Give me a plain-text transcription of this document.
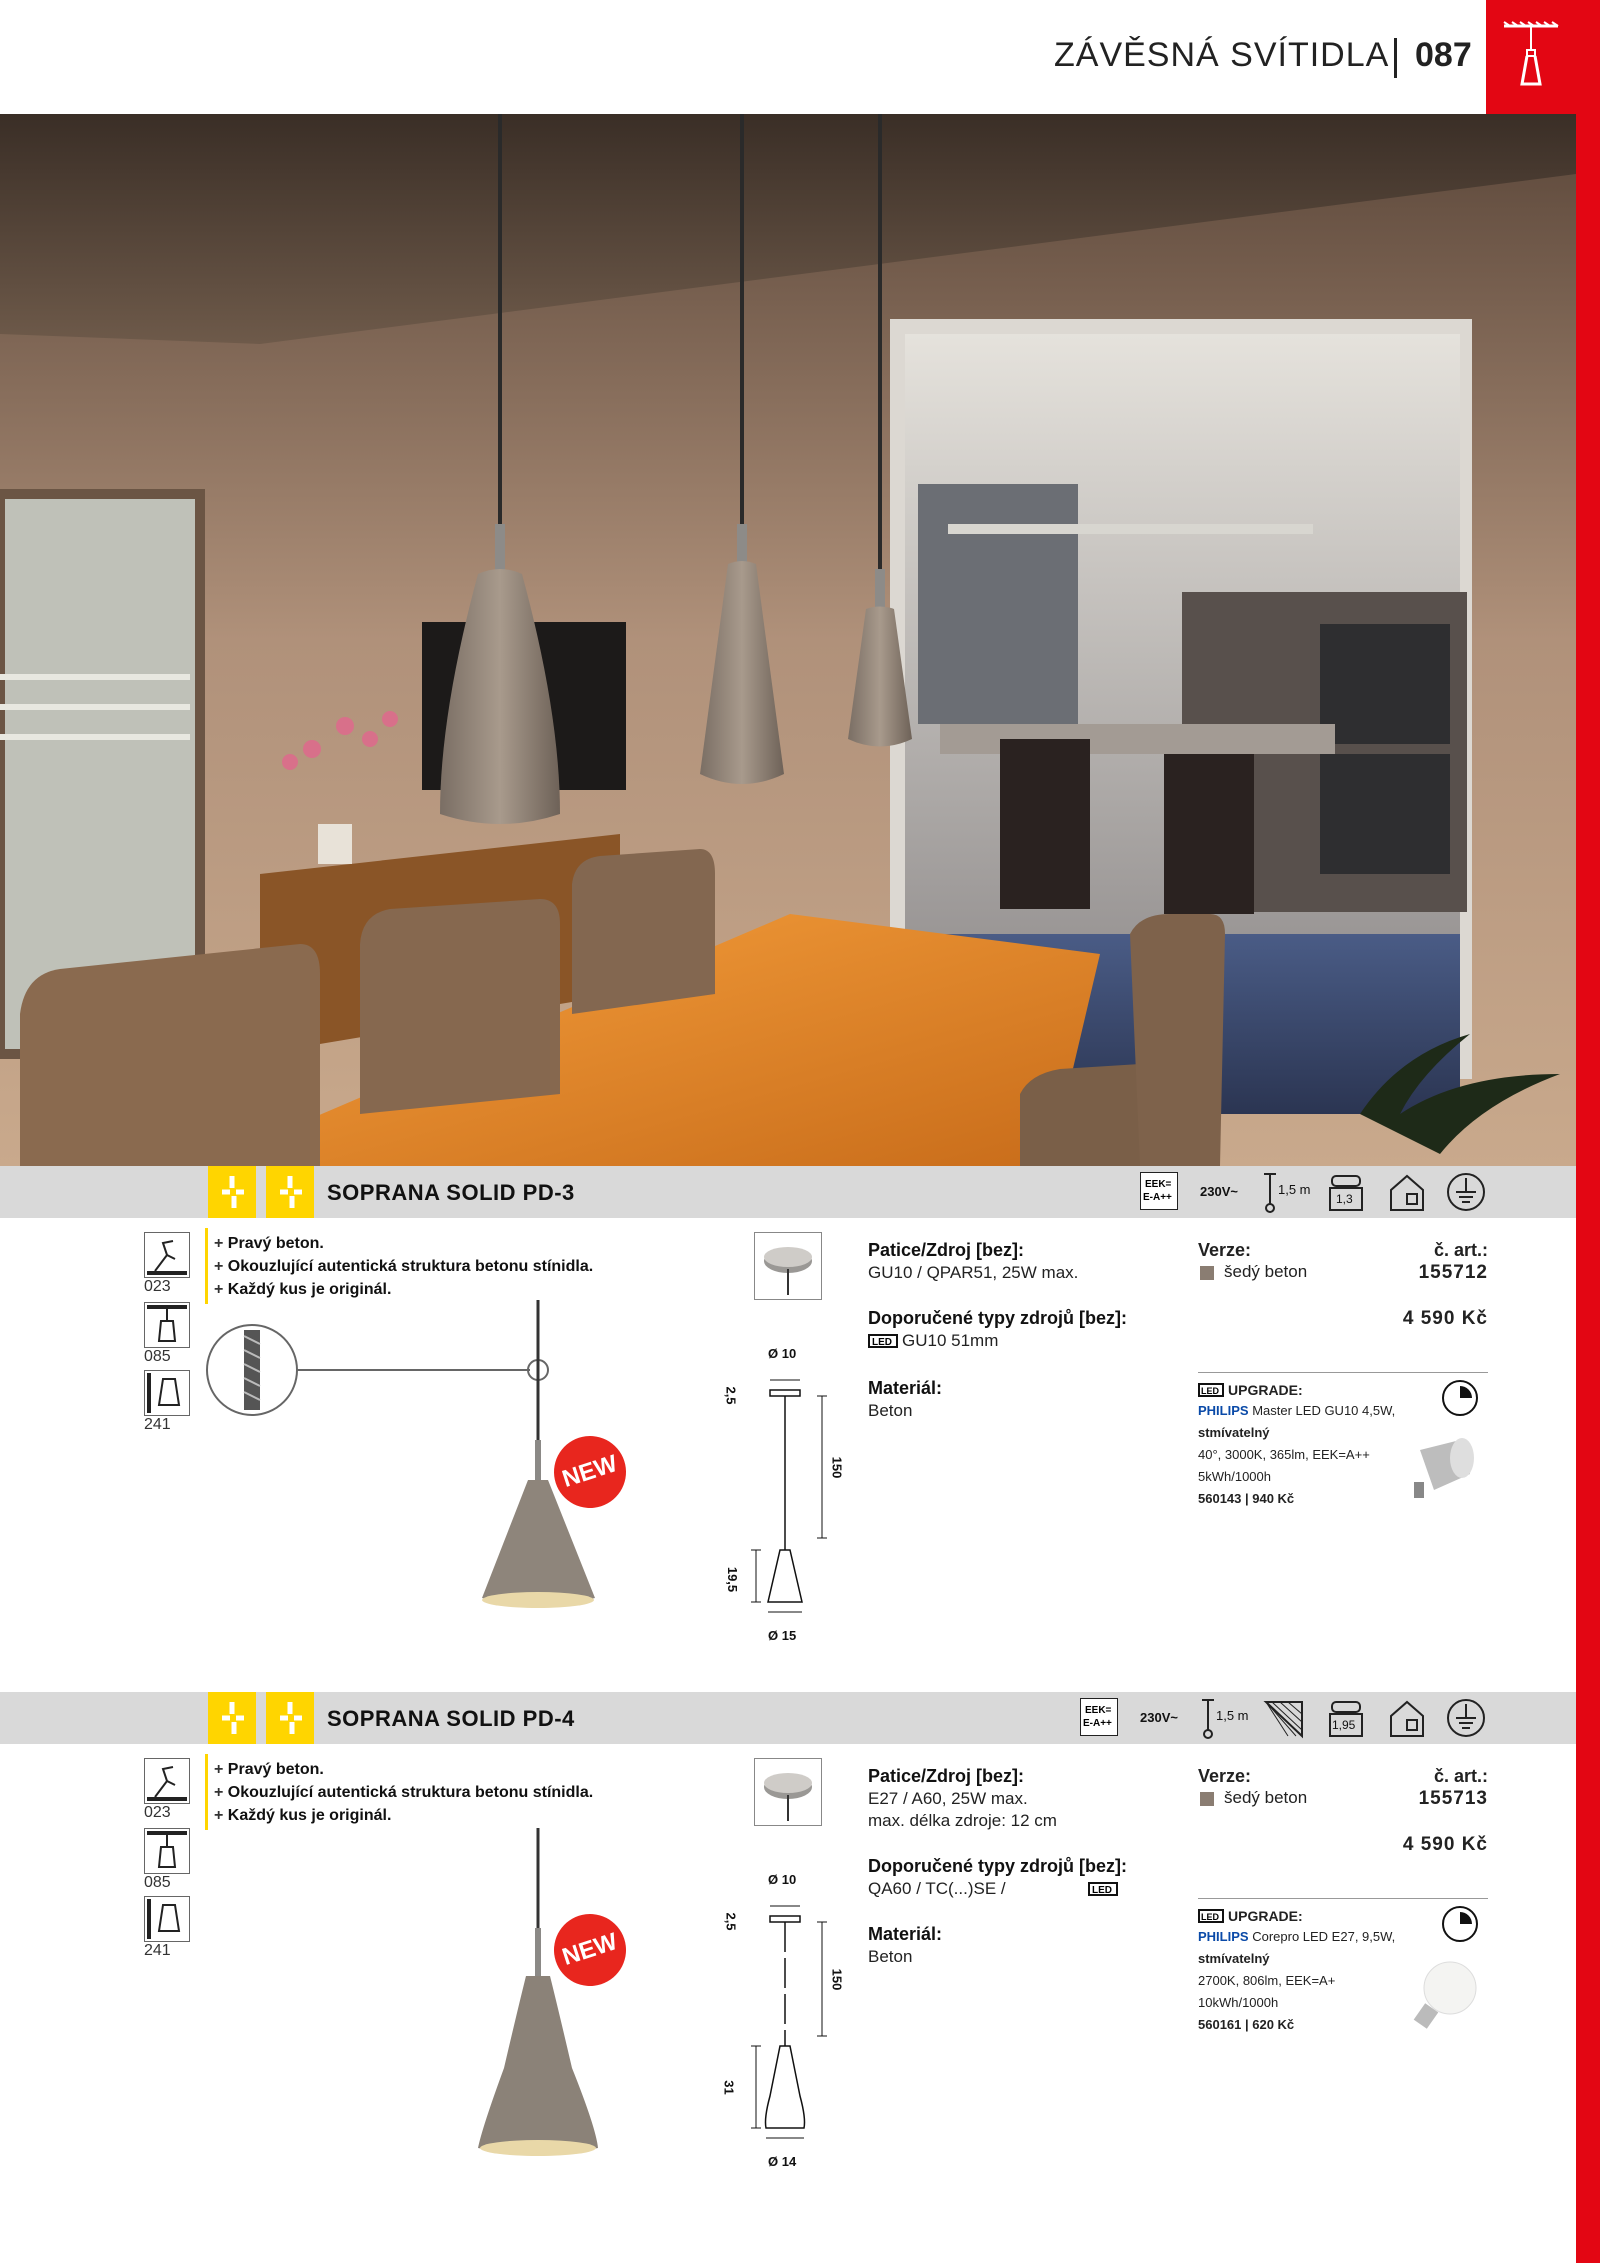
ZÁVĚSNÁ SVÍTIDLA 087
SOPRANA SOLID PD-3	EEK=
E-A++ 230V~	1,5 m
1,3
023
085
241
+ Pravý beton.
+ Okouzlující autentická struktura betonu stínidla.
+ Každý kus je originál.
NEW
Ø 10
2,5
150
19,5
Ø 15
Patice/Zdroj [bez]:
GU10 / QPAR51, 25W max.
Doporučené typy zdrojů [bez]:
GU10 51mm
LED
Materiál:
Beton
Verze:	č. art.:
šedý beton	155712
4 590 Kč
LED UPGRADE:
PHILIPS Master LED GU10 4,5W,
stmívatelný
40°, 3000K, 365lm, EEK=A++
5kWh/1000h
560143 | 940 Kč
SOPRANA SOLID PD-4	EEK=
E-A++ 230V~	1,5 m
1,95
023
085
241
+ Pravý beton.
+ Okouzlující autentická struktura betonu stínidla.
+ Každý kus je originál.
NEW
Ø 10
2,5
150
31
Ø 14
Patice/Zdroj [bez]:
E27 / A60, 25W max.
max. délka zdroje: 12 cm
Doporučené typy zdrojů [bez]:
QA60 / TC(...)SE /	LED
Materiál:
Beton
Verze:	č. art.:
šedý beton	155713
4 590 Kč
LED UPGRADE:
PHILIPS Corepro LED E27, 9,5W,
stmívatelný
2700K, 806lm, EEK=A+
10kWh/1000h
560161 | 620 Kč
